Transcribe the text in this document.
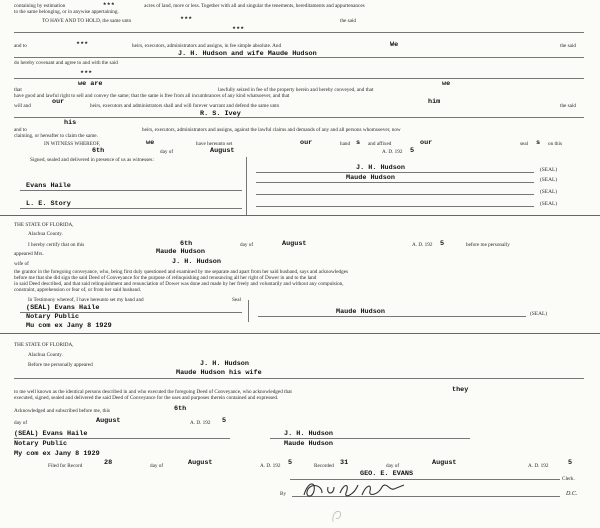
containing by estimation	***	acres of land, more or less. Together with all and singular the tenements, hereditaments and appurtenances
to the same belonging, or in anywise appertaining.
TO HAVE AND TO HOLD, the same unto	***	the said
***
and to	***	heirs, executors, administrators and assigns, in fee simple absolute. And	We	the said
J. H. Hudson and wife Maude Hudson
do hereby covenant and agree to and with the said
***
that
we are
lawfully seized in fee of the property herein and hereby conveyed, and that
we
have good and lawful right to sell and convey the same; that the same is free from all incumbrances of any kind whatsoever, and that
will and	our	heirs, executors and administrators shall and will forever warrant and defend the same unto	him	the said
R. S. Ivey
his
and to	heirs, executors, administrators and assigns, against the lawful claims and demands of any and all persons whomsoever, now
claiming, or hereafter to claim the same.
IN WITNESS WHEREOF,	we	have hereunto set	our	hand s and affixed	our	seal s on this
6th	day of	August	A. D. 192 5
Signed, sealed and delivered in presence of us as witnesses:
J. H. Hudson
Maude Hudson
(SEAL)
(SEAL)
(SEAL)
(SEAL)
Evans Haile
L. E. Story
THE STATE OF FLORIDA,
Alachua County.
I hereby certify that on this	6th	day of	August	A. D. 192 5	before me personally
appeared Mrs.	Maude Hudson
wife of	J. H. Hudson
the grantor in the foregoing conveyance, who, being first duly questioned and examined by me separate and apart from her said husband, says and acknowledges
before me that she did sign the said Deed of Conveyance for the purpose of relinquishing and renouncing all her right of Dower in and to the land
in said Deed described, and that said relinquishment and renunciation of Dower was done and made by her freely and voluntarily and without any compulsion,
constraint, apprehension or fear of, or from her said husband.
In Testimony whereof, I have hereunto set my hand and	Seal
(SEAL) Evans Haile
Notary Public
Mu com ex Jany 8 1929
Maude Hudson	(SEAL)
THE STATE OF FLORIDA,
Alachua County.
Before me personally appeared	J. H. Hudson
Maude Hudson his wife
to me well known as the identical persons described in and who executed the foregoing Deed of Conveyance, who acknowledged that	they
executed, signed, sealed and delivered the said Deed of Conveyance for the uses and purposes therein contained and expressed.
Acknowledged and subscribed before me, this	6th
day of	August	A. D. 192 5
(SEAL) Evans Haile
Notary Public
My com ex Jany 8 1929
J. H. Hudson
Maude Hudson
Filed for Record	28	day of	August	A. D. 192 5	Recorded 31	day of	August	A. D. 192	5
GEO. E. EVANS
Clerk.
By	D.C.
